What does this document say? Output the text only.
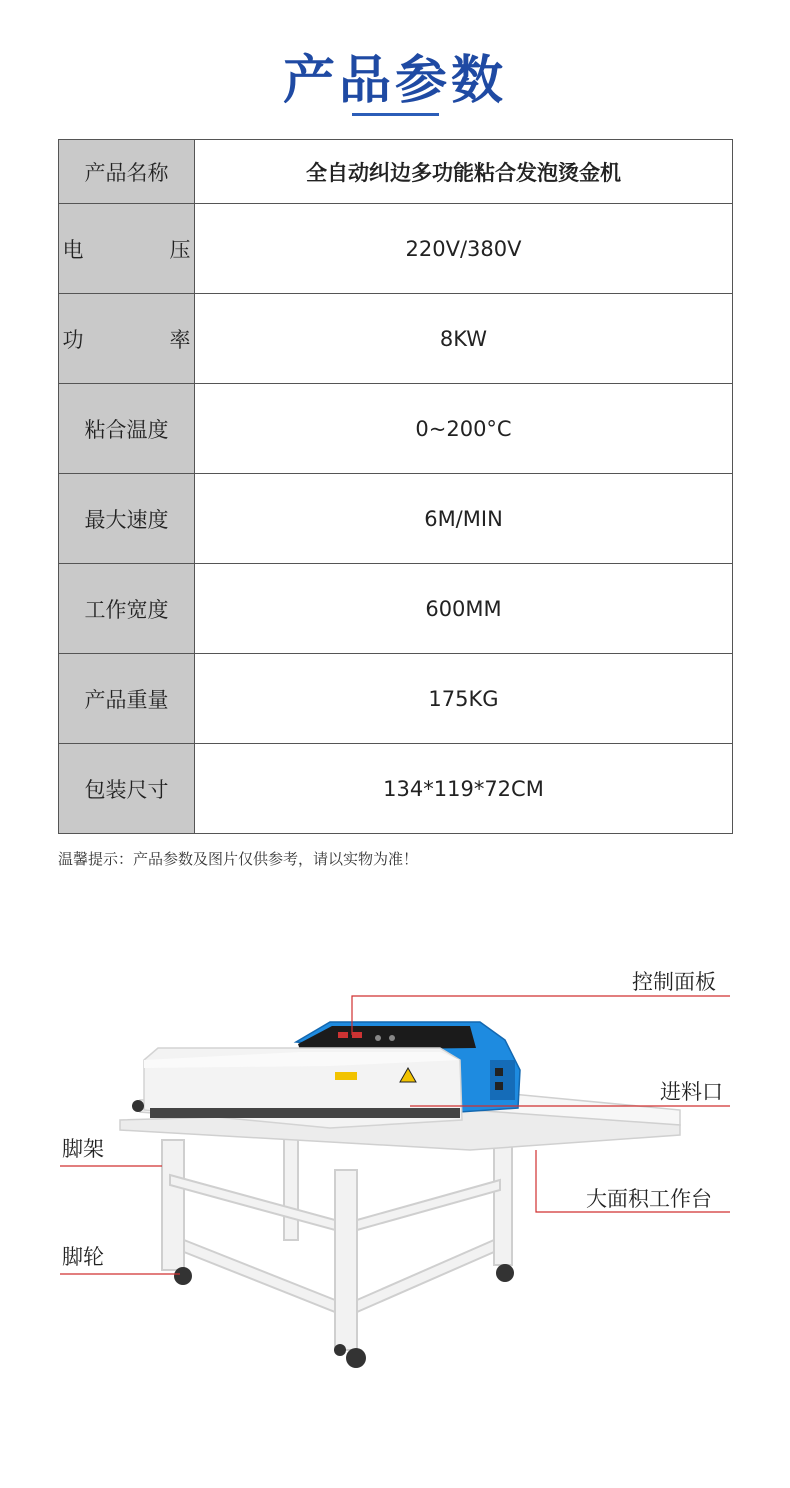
产品参数
产品名称	全自动纠边多功能粘合发泡烫金机
电 压	220V/380V
功 率	8KW
粘合温度	0~200°C
最大速度	6M/MIN
工作宽度	600MM
产品重量	175KG
包装尺寸	134*119*72CM
温馨提示：产品参数及图片仅供参考，请以实物为准！
控制面板
进料口
大面积工作台
脚架
脚轮
